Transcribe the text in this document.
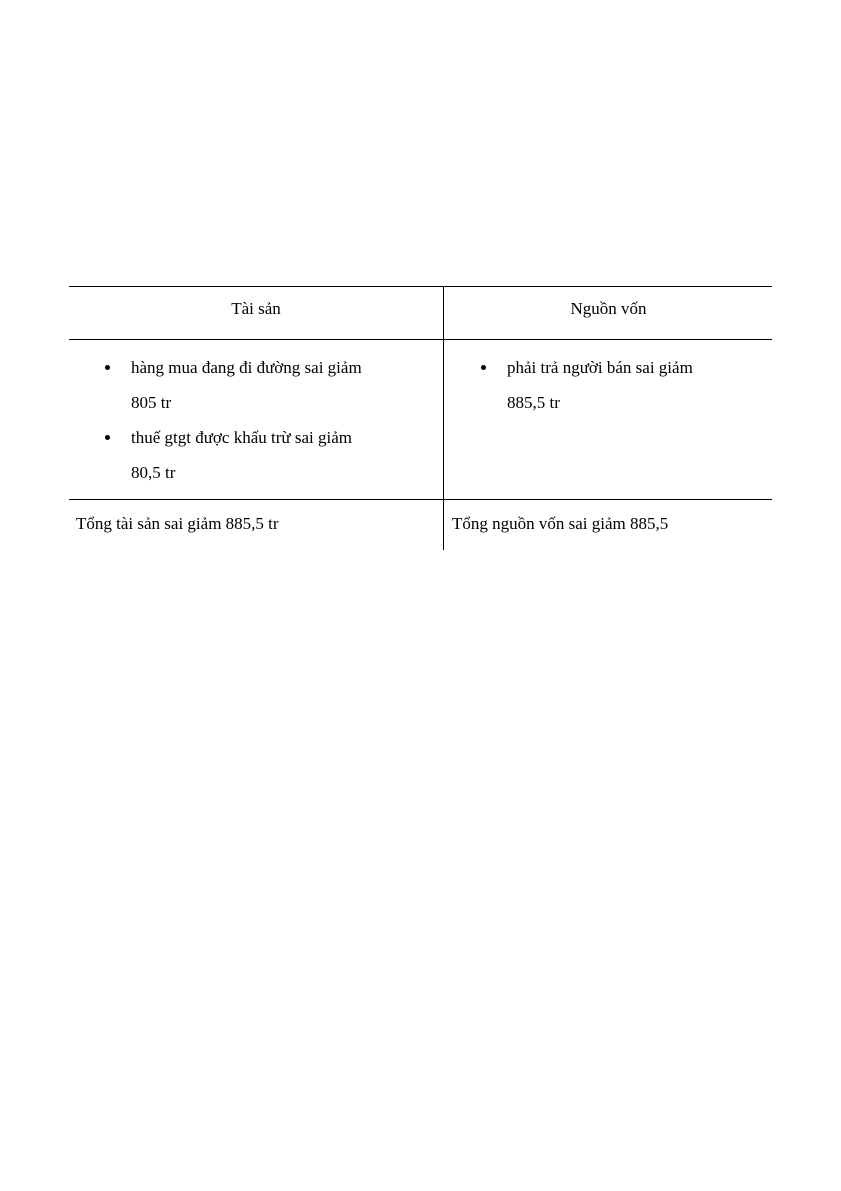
Tài sản	Nguồn vốn
hàng mua đang đi đường sai giảm
805 tr
thuế gtgt được khấu trừ sai giảm
80,5 tr
phải trả người bán sai giảm
885,5 tr
Tổng tài sản sai giảm 885,5 tr	Tổng nguồn vốn sai giảm 885,5
